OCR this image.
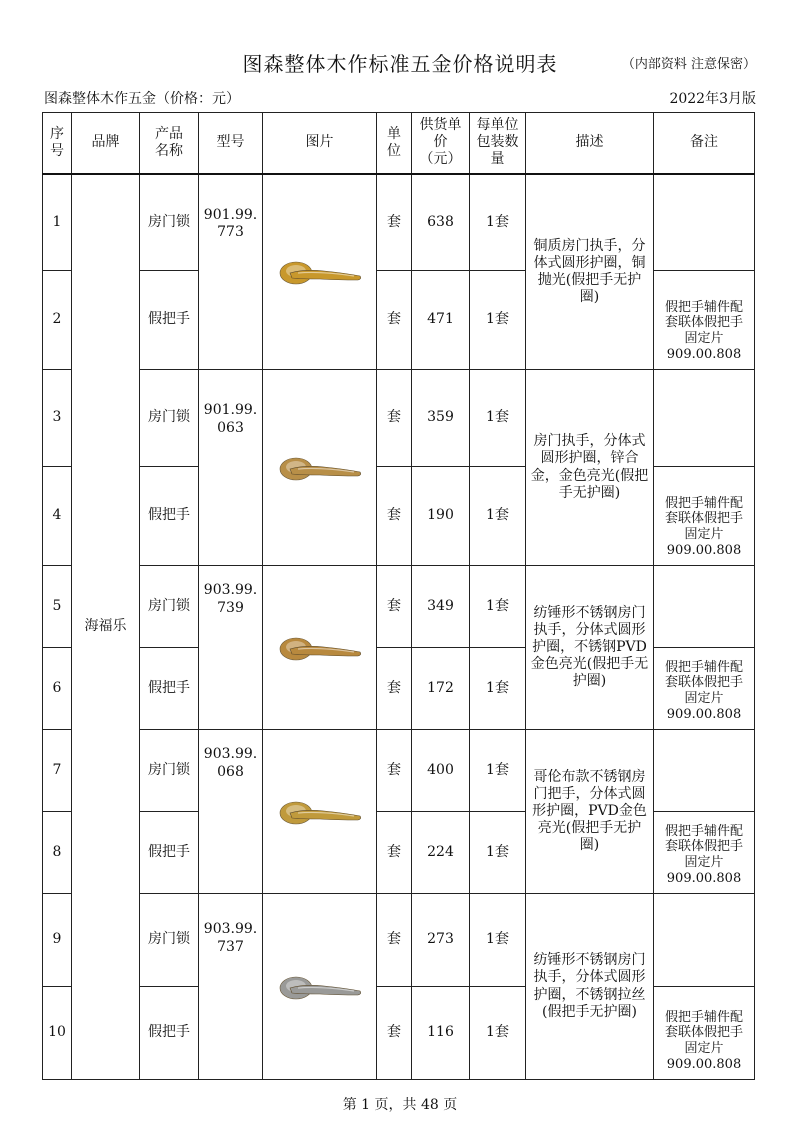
图森整体木作标准五金价格说明表	（内部资料 注意保密）
图森整体木作五金（价格：元）	2022年3月版
序号	品牌	产品
名称	型号	图片	单
位	供货单
价
（元）	每单位
包装数
量	描述	备注
1	海福乐	房门锁	901.99.
773		套	638	1套	铜质房门执手，分体式圆形护圈，铜抛光(假把手无护圈)	
2		假把手			套	471	1套		假把手辅件配
套联体假把手
固定片
909.00.808
3		房门锁	901.99.
063		套	359	1套	房门执手，分体式圆形护圈，锌合金，金色亮光(假把手无护圈)	
4		假把手			套	190	1套		假把手辅件配
套联体假把手
固定片
909.00.808
5		房门锁	903.99.
739		套	349	1套	纺锤形不锈钢房门执手，分体式圆形护圈，不锈钢PVD金色亮光(假把手无护圈)	
6		假把手			套	172	1套		假把手辅件配
套联体假把手
固定片
909.00.808
7		房门锁	903.99.
068		套	400	1套	哥伦布款不锈钢房门把手，分体式圆形护圈，PVD金色亮光(假把手无护圈)	
8		假把手			套	224	1套		假把手辅件配
套联体假把手
固定片
909.00.808
9		房门锁	903.99.
737		套	273	1套	纺锤形不锈钢房门执手，分体式圆形护圈，不锈钢拉丝(假把手无护圈)	
10		假把手			套	116	1套		假把手辅件配
套联体假把手
固定片
909.00.808
第 1 页，共 48 页
